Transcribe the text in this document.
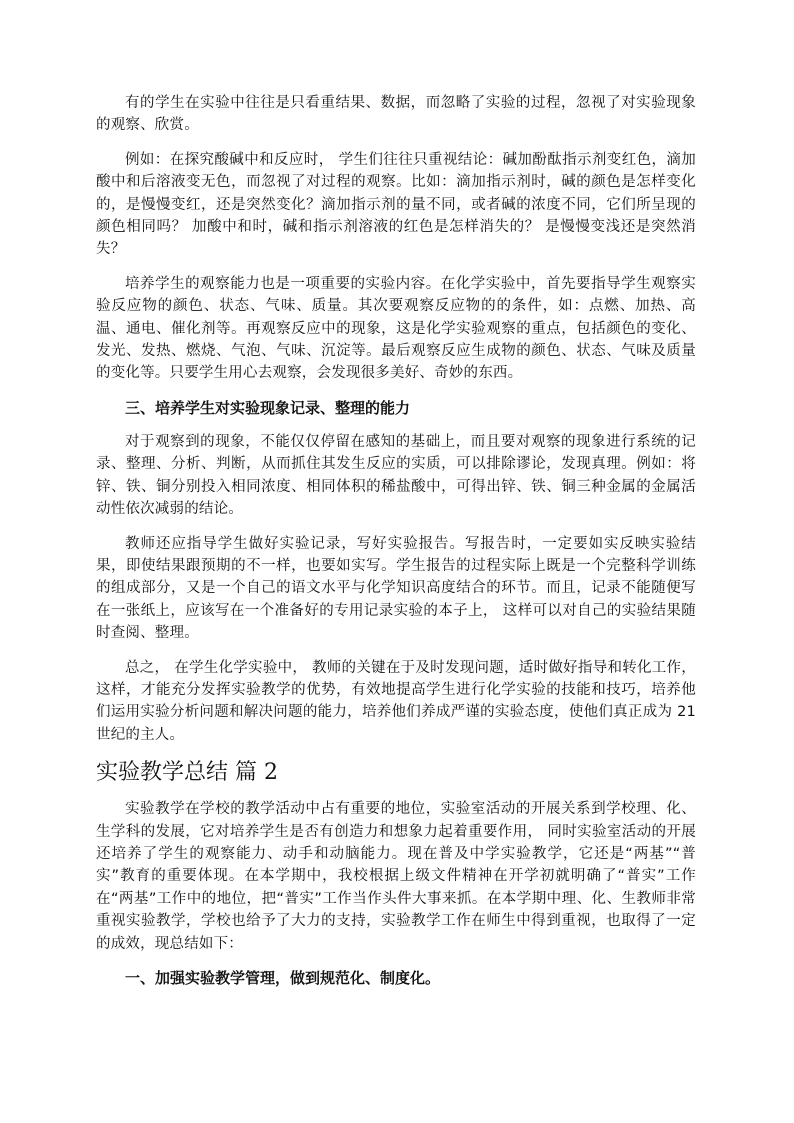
有的学生在实验中往往是只看重结果、数据，而忽略了实验的过程，忽视了对实验现象的观察、欣赏。

例如：在探究酸碱中和反应时， 学生们往往只重视结论：碱加酚酞指示剂变红色，滴加酸中和后溶液变无色，而忽视了对过程的观察。比如：滴加指示剂时，碱的颜色是怎样变化的，是慢慢变红，还是突然变化？滴加指示剂的量不同，或者碱的浓度不同，它们所呈现的颜色相同吗？ 加酸中和时，碱和指示剂溶液的红色是怎样消失的？ 是慢慢变浅还是突然消失？

培养学生的观察能力也是一项重要的实验内容。在化学实验中，首先要指导学生观察实验反应物的颜色、状态、气味、质量。其次要观察反应物的的条件，如：点燃、加热、高温、通电、催化剂等。再观察反应中的现象，这是化学实验观察的重点，包括颜色的变化、发光、发热、燃烧、气泡、气味、沉淀等。最后观察反应生成物的颜色、状态、气味及质量的变化等。只要学生用心去观察，会发现很多美好、奇妙的东西。

三、培养学生对实验现象记录、整理的能力

对于观察到的现象，不能仅仅停留在感知的基础上，而且要对观察的现象进行系统的记录、整理、分析、判断，从而抓住其发生反应的实质，可以排除谬论，发现真理。例如：将锌、铁、铜分别投入相同浓度、相同体积的稀盐酸中，可得出锌、铁、铜三种金属的金属活动性依次减弱的结论。

教师还应指导学生做好实验记录，写好实验报告。写报告时，一定要如实反映实验结果，即使结果跟预期的不一样，也要如实写。学生报告的过程实际上既是一个完整科学训练的组成部分，又是一个自己的语文水平与化学知识高度结合的环节。而且，记录不能随便写在一张纸上，应该写在一个准备好的专用记录实验的本子上， 这样可以对自己的实验结果随时查阅、整理。

总之， 在学生化学实验中， 教师的关键在于及时发现问题，适时做好指导和转化工作，这样，才能充分发挥实验教学的优势，有效地提高学生进行化学实验的技能和技巧，培养他们运用实验分析问题和解决问题的能力，培养他们养成严谨的实验态度，使他们真正成为 21 世纪的主人。

实验教学总结 篇 2

实验教学在学校的教学活动中占有重要的地位，实验室活动的开展关系到学校理、化、生学科的发展，它对培养学生是否有创造力和想象力起着重要作用， 同时实验室活动的开展还培养了学生的观察能力、动手和动脑能力。现在普及中学实验教学，它还是“两基”“普实”教育的重要体现。在本学期中，我校根据上级文件精神在开学初就明确了“普实”工作在“两基”工作中的地位，把“普实”工作当作头件大事来抓。在本学期中理、化、生教师非常重视实验教学，学校也给予了大力的支持，实验教学工作在师生中得到重视，也取得了一定的成效，现总结如下：

一、加强实验教学管理，做到规范化、制度化。
